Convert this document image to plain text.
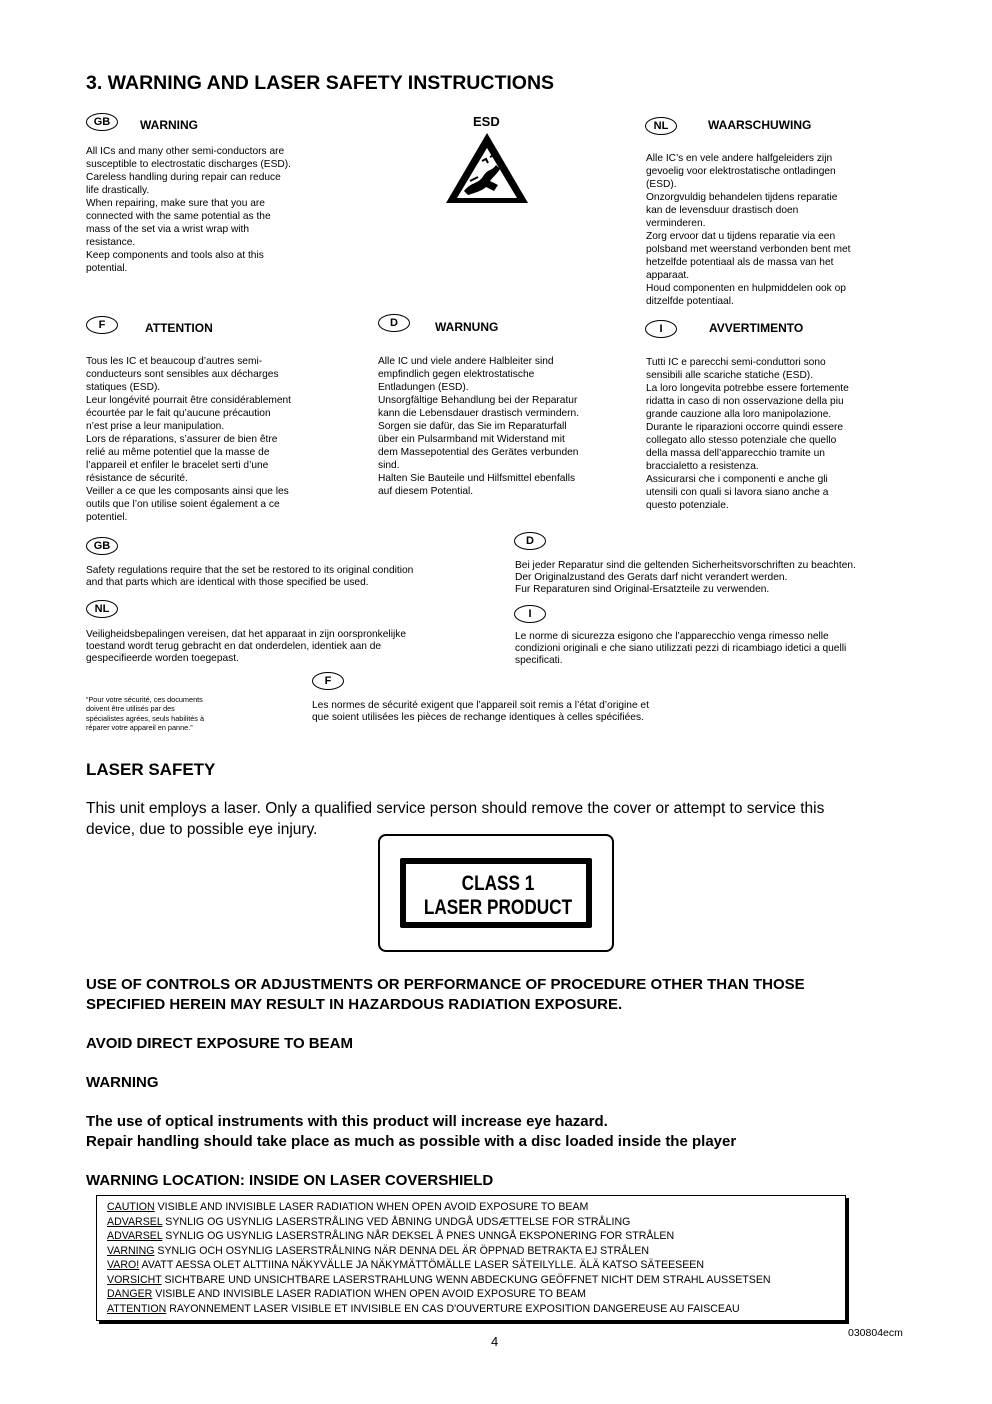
3. WARNING AND LASER SAFETY INSTRUCTIONS
GB	WARNING
All ICs and many other semi-conductors are
susceptible to electrostatic discharges (ESD).
Careless handling during repair can reduce
life drastically.
When repairing, make sure that you are
connected with the same potential as the
mass of the set via a wrist wrap with
resistance.
Keep components and tools also at this
potential.
ESD	NL	WAARSCHUWING
Alle IC’s en vele andere halfgeleiders zijn
gevoelig voor elektrostatische ontladingen
(ESD).
Onzorgvuldig behandelen tijdens reparatie
kan de levensduur drastisch doen
verminderen.
Zorg ervoor dat u tijdens reparatie via een
polsband met weerstand verbonden bent met
hetzelfde potentiaal als de massa van het
apparaat.
Houd componenten en hulpmiddelen ook op
ditzelfde potentiaal.
F	ATTENTION
Tous les IC et beaucoup d’autres semi-
conducteurs sont sensibles aux décharges
statiques (ESD).
Leur longévité pourrait être considérablement
écourtée par le fait qu’aucune précaution
n’est prise a leur manipulation.
Lors de réparations, s’assurer de bien être
relié au même potentiel que la masse de
l’appareil et enfiler le bracelet serti d’une
résistance de sécurité.
Veiller a ce que les composants ainsi que les
outils que l’on utilise soient également a ce
potentiel.
D	WARNUNG
Alle IC und viele andere Halbleiter sind
empfindlich gegen elektrostatische
Entladungen (ESD).
Unsorgfältige Behandlung bei der Reparatur
kann die Lebensdauer drastisch vermindern.
Sorgen sie dafür, das Sie im Reparaturfall
über ein Pulsarmband mit Widerstand mit
dem Massepotential des Gerätes verbunden
sind.
Halten Sie Bauteile und Hilfsmittel ebenfalls
auf diesem Potential.
I	AVVERTIMENTO
Tutti IC e parecchi semi-conduttori sono
sensibili alle scariche statiche (ESD).
La loro longevita potrebbe essere fortemente
ridatta in caso di non osservazione della piu
grande cauzione alla loro manipolazione.
Durante le riparazioni occorre quindi essere
collegato allo stesso potenziale che quello
della massa dell’apparecchio tramite un
braccialetto a resistenza.
Assicurarsi che i componenti e anche gli
utensili con quali si lavora siano anche a
questo potenziale.
GB
Safety regulations require that the set be restored to its original condition
and that parts which are identical with those specified be used.
NL
Veiligheidsbepalingen vereisen, dat het apparaat in zijn oorspronkelijke
toestand wordt terug gebracht en dat onderdelen, identiek aan de
gespecifieerde worden toegepast.
D
Bei jeder Reparatur sind die geltenden Sicherheitsvorschriften zu beachten.
Der Originalzustand des Gerats darf nicht verandert werden.
Fur Reparaturen sind Original-Ersatzteile zu verwenden.
I
Le norme di sicurezza esigono che l’apparecchio venga rimesso nelle
condizioni originali e che siano utilizzati pezzi di ricambiago idetici a quelli
specificati.
F
Les normes de sécurité exigent que l’appareil soit remis a l’état d’origine et
que soient utilisées les pièces de rechange identiques à celles spécifiées.
“Pour votre sécurité, ces documents
doivent être utilisés par des
spécialistes agrées, seuls habilités à
réparer votre appareil en panne.”
LASER SAFETY
This unit employs a laser. Only a qualified service person should remove the cover or attempt to service this
device, due to possible eye injury.
CLASS 1
LASER PRODUCT
USE OF CONTROLS OR ADJUSTMENTS OR PERFORMANCE OF PROCEDURE OTHER THAN THOSE
SPECIFIED HEREIN MAY RESULT IN HAZARDOUS RADIATION EXPOSURE.
AVOID DIRECT EXPOSURE TO BEAM
WARNING
The use of optical instruments with this product will increase eye hazard.
Repair handling should take place as much as possible with a disc loaded inside the player
WARNING LOCATION: INSIDE ON LASER COVERSHIELD
CAUTION VISIBLE AND INVISIBLE LASER RADIATION WHEN OPEN AVOID EXPOSURE TO BEAM
ADVARSEL SYNLIG OG USYNLIG LASERSTRÅLING VED ÅBNING UNDGÅ UDSÆTTELSE FOR STRÅLING
ADVARSEL SYNLIG OG USYNLIG LASERSTRÅLING NÅR DEKSEL Å PNES UNNGÅ EKSPONERING FOR STRÅLEN
VARNING SYNLIG OCH OSYNLIG LASERSTRÅLNING NÄR DENNA DEL ÄR ÖPPNAD BETRAKTA EJ STRÅLEN
VARO! AVATT AESSA OLET ALTTIINA NÄKYVÄLLE JA NÄKYMÄTTÖMÄLLE LASER SÄTEILYLLE. ÄLÄ KATSO SÄTEESEEN
VORSICHT SICHTBARE UND UNSICHTBARE LASERSTRAHLUNG WENN ABDECKUNG GEÖFFNET NICHT DEM STRAHL AUSSETSEN
DANGER VISIBLE AND INVISIBLE LASER RADIATION WHEN OPEN AVOID EXPOSURE TO BEAM
ATTENTION RAYONNEMENT LASER VISIBLE ET INVISIBLE EN CAS D'OUVERTURE EXPOSITION DANGEREUSE AU FAISCEAU
4
030804ecm
